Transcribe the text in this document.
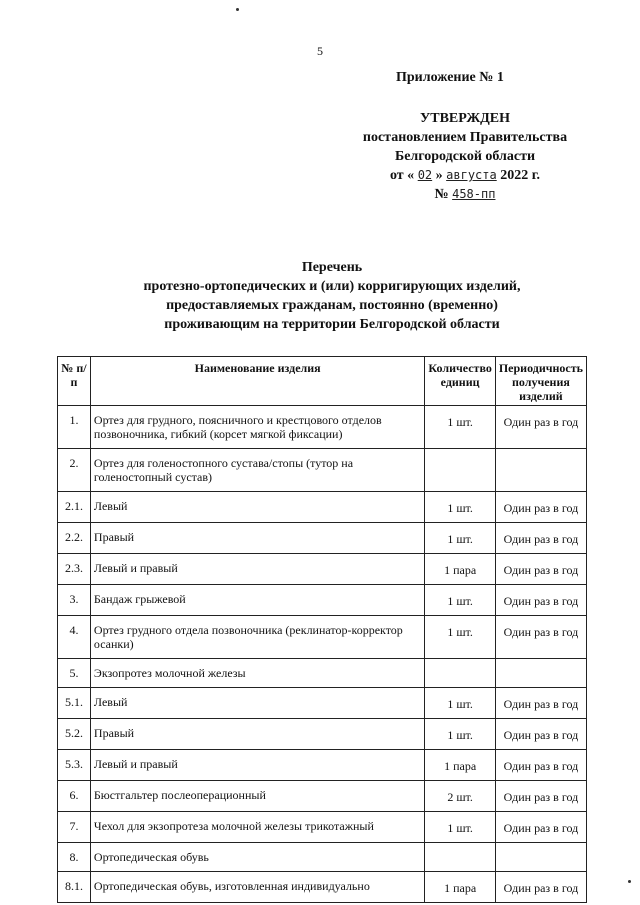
5
Приложение № 1
УТВЕРЖДЕН
постановлением Правительства
Белгородской области
от « 02 » августа 2022 г.
№ 458-пп
Перечень
протезно-ортопедических и (или) корригирующих изделий,
предоставляемых гражданам, постоянно (временно)
проживающим на территории Белгородской области
№ п/п	Наименование изделия	Количество единиц	Периодичность получения изделий
1.	Ортез для грудного, поясничного и крестцового отделов позвоночника, гибкий (корсет мягкой фиксации)	1 шт.	Один раз в год
2.	Ортез для голеностопного сустава/стопы (тутор на голеностопный сустав)		
2.1.	Левый	1 шт.	Один раз в год
2.2.	Правый	1 шт.	Один раз в год
2.3.	Левый и правый	1 пара	Один раз в год
3.	Бандаж грыжевой	1 шт.	Один раз в год
4.	Ортез грудного отдела позвоночника (реклинатор-корректор осанки)	1 шт.	Один раз в год
5.	Экзопротез молочной железы		
5.1.	Левый	1 шт.	Один раз в год
5.2.	Правый	1 шт.	Один раз в год
5.3.	Левый и правый	1 пара	Один раз в год
6.	Бюстгальтер послеоперационный	2 шт.	Один раз в год
7.	Чехол для экзопротеза молочной железы трикотажный	1 шт.	Один раз в год
8.	Ортопедическая обувь		
8.1.	Ортопедическая обувь, изготовленная индивидуально	1 пара	Один раз в год
